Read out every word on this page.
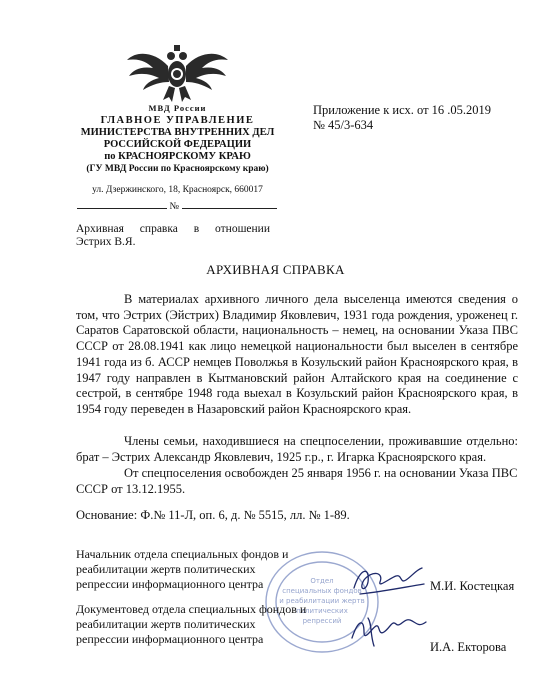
МВД России
ГЛАВНОЕ УПРАВЛЕНИЕ
МИНИСТЕРСТВА ВНУТРЕННИХ ДЕЛ
РОССИЙСКОЙ ФЕДЕРАЦИИ
по КРАСНОЯРСКОМУ КРАЮ
(ГУ МВД России по Красноярскому краю)
ул. Дзержинского, 18, Красноярск, 660017
№
Архивная справка в отношении
Эстрих В.Я.
Приложение к исх. от 16 .05.2019
№ 45/3-634
АРХИВНАЯ СПРАВКА
В материалах архивного личного дела выселенца имеются сведения о том, что Эстрих (Эйстрих) Владимир Яковлевич, 1931 года рождения, уроженец г. Саратов Саратовской области, национальность – немец, на основании Указа ПВС СССР от 28.08.1941 как лицо немецкой национальности был выселен в сентябре 1941 года из б. АССР немцев Поволжья в Козульский район Красноярского края, в 1947 году направлен в Кытмановский район Алтайского края на соединение с сестрой, в сентябре 1948 года выехал в Козульский район Красноярского края, в 1954 году переведен в Назаровский район Красноярского края.
Члены семьи, находившиеся на спецпоселении, проживавшие отдельно: брат – Эстрих Александр Яковлевич, 1925 г.р., г. Игарка Красноярского края.
От спецпоселения освобожден 25 января 1956 г. на основании Указа ПВС СССР от 13.12.1955.
Основание: Ф.№ 11-Л, оп. 6, д. № 5515, лл. № 1-89.
Отдел
специальных фондов
и реабилитации жертв
политических
репрессий
Начальник отдела специальных фондов и
реабилитации жертв политических
репрессии информационного центра	М.И. Костецкая
Документовед отдела специальных фондов и
реабилитации жертв политических
репрессии информационного центра
И.А. Екторова
